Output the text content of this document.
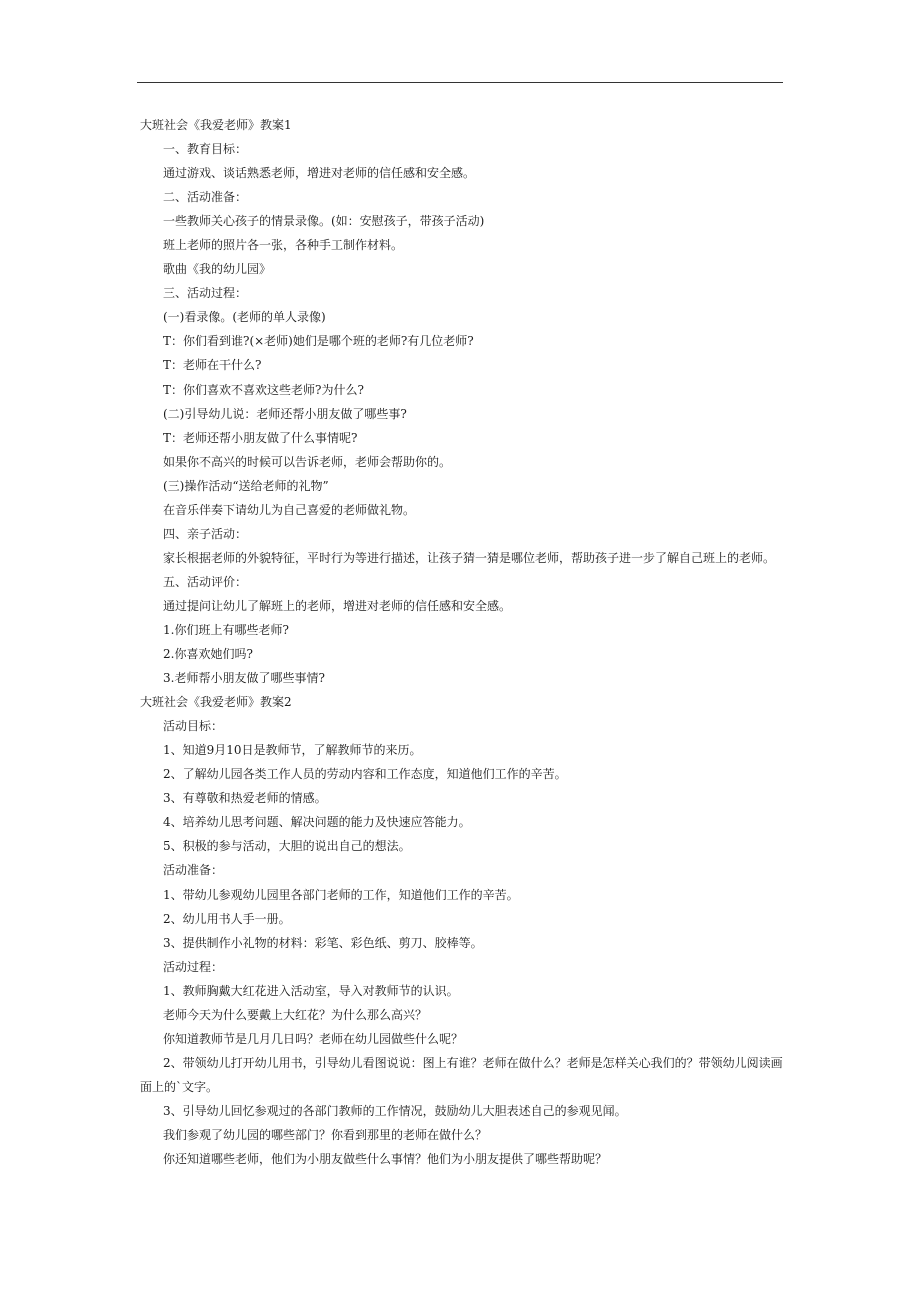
大班社会《我爱老师》教案1
一、教育目标：
通过游戏、谈话熟悉老师，增进对老师的信任感和安全感。
二、活动准备：
一些教师关心孩子的情景录像。(如：安慰孩子，带孩子活动)
班上老师的照片各一张，各种手工制作材料。
歌曲《我的幼儿园》
三、活动过程：
(一)看录像。(老师的单人录像)
T：你们看到谁?(×老师)她们是哪个班的老师?有几位老师?
T：老师在干什么?
T：你们喜欢不喜欢这些老师?为什么?
(二)引导幼儿说：老师还帮小朋友做了哪些事?
T：老师还帮小朋友做了什么事情呢?
如果你不高兴的时候可以告诉老师，老师会帮助你的。
(三)操作活动“送给老师的礼物”
在音乐伴奏下请幼儿为自己喜爱的老师做礼物。
四、亲子活动：
家长根据老师的外貌特征，平时行为等进行描述，让孩子猜一猜是哪位老师，帮助孩子进一步了解自己班上的老师。
五、活动评价：
通过提问让幼儿了解班上的老师，增进对老师的信任感和安全感。
1.你们班上有哪些老师?
2.你喜欢她们吗?
3.老师帮小朋友做了哪些事情?
大班社会《我爱老师》教案2
活动目标：
1、知道9月10日是教师节，了解教师节的来历。
2、了解幼儿园各类工作人员的劳动内容和工作态度，知道他们工作的辛苦。
3、有尊敬和热爱老师的情感。
4、培养幼儿思考问题、解决问题的能力及快速应答能力。
5、积极的参与活动，大胆的说出自己的想法。
活动准备：
1、带幼儿参观幼儿园里各部门老师的工作，知道他们工作的辛苦。
2、幼儿用书人手一册。
3、提供制作小礼物的材料：彩笔、彩色纸、剪刀、胶棒等。
活动过程：
1、教师胸戴大红花进入活动室，导入对教师节的认识。
老师今天为什么要戴上大红花？为什么那么高兴？
你知道教师节是几月几日吗？老师在幼儿园做些什么呢？
2、带领幼儿打开幼儿用书，引导幼儿看图说说：图上有谁？老师在做什么？老师是怎样关心我们的？带领幼儿阅读画面上的`文字。
3、引导幼儿回忆参观过的各部门教师的工作情况，鼓励幼儿大胆表述自己的参观见闻。
我们参观了幼儿园的哪些部门？你看到那里的老师在做什么？
你还知道哪些老师，他们为小朋友做些什么事情？他们为小朋友提供了哪些帮助呢？
